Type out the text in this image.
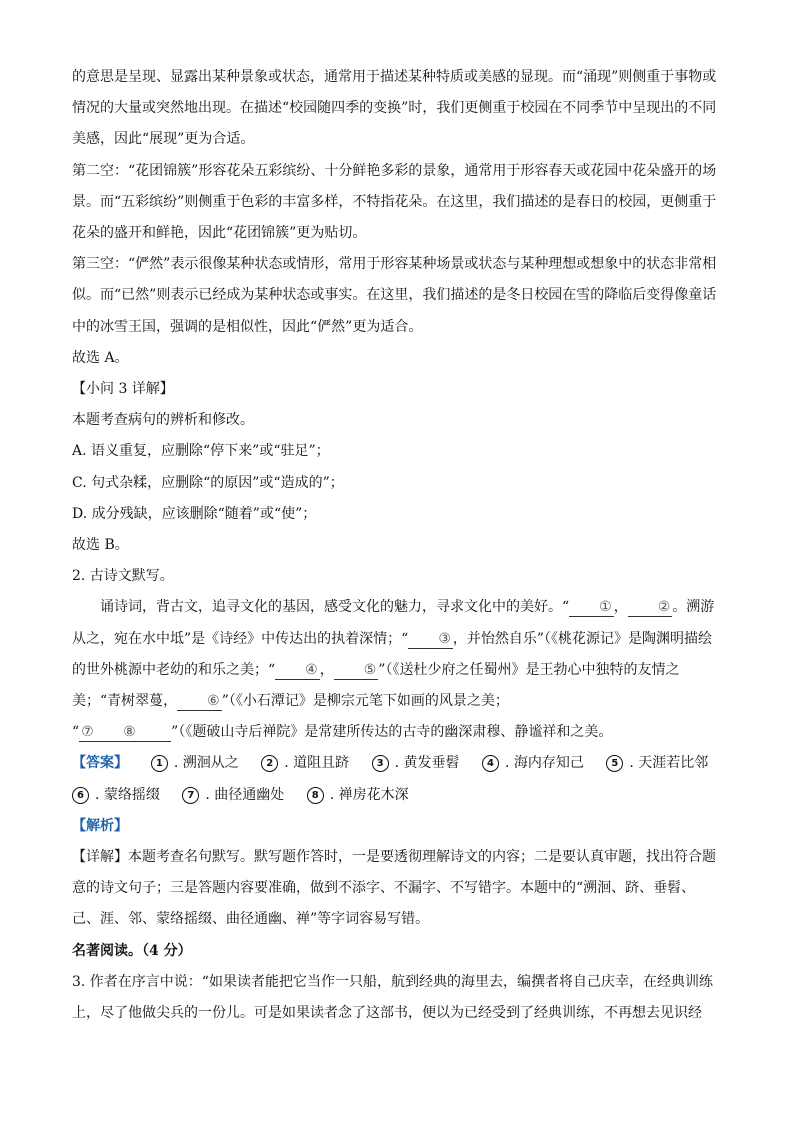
的意思是呈现、显露出某种景象或状态，通常用于描述某种特质或美感的显现。而“涌现”则侧重于事物或情况的大量或突然地出现。在描述“校园随四季的变换”时，我们更侧重于校园在不同季节中呈现出的不同美感，因此“展现”更为合适。

第二空：“花团锦簇”形容花朵五彩缤纷、十分鲜艳多彩的景象，通常用于形容春天或花园中花朵盛开的场景。而“五彩缤纷”则侧重于色彩的丰富多样，不特指花朵。在这里，我们描述的是春日的校园，更侧重于花朵的盛开和鲜艳，因此“花团锦簇”更为贴切。

第三空：“俨然”表示很像某种状态或情形，常用于形容某种场景或状态与某种理想或想象中的状态非常相似。而“已然”则表示已经成为某种状态或事实。在这里，我们描述的是冬日校园在雪的降临后变得像童话中的冰雪王国，强调的是相似性，因此“俨然”更为适合。

故选 A。

【小问 3 详解】

本题考查病句的辨析和修改。

A. 语义重复，应删除“停下来”或“驻足”；

C. 句式杂糅，应删除“的原因”或“造成的”；

D. 成分残缺，应该删除“随着”或“使”；

故选 B。

2. 古诗文默写。

诵诗词，背古文，追寻文化的基因，感受文化的魅力，寻求文化中的美好。“ ① ， ② 。溯游从之，宛在水中坻”是《诗经》中传达出的执着深情；“ ③ ，并怡然自乐”（《桃花源记》是陶渊明描绘的世外桃源中老幼的和乐之美；“ ④ ， ⑤ ”（《送杜少府之任蜀州》是王勃心中独特的友情之美；“青树翠蔓， ⑥ ”（《小石潭记》是柳宗元笔下如画的风景之美；

“ ⑦ ⑧	”（《题破山寺后禅院》是常建所传达的古寺的幽深肃穆、静谧祥和之美。

【答案】	1 . 溯洄从之	2 . 道阻且跻	3 . 黄发垂髫	4 . 海内存知己	5 . 天涯若比邻

6 . 蒙络摇缀	7 . 曲径通幽处	8 . 禅房花木深

【解析】

【详解】本题考查名句默写。默写题作答时，一是要透彻理解诗文的内容；二是要认真审题，找出符合题意的诗文句子；三是答题内容要准确，做到不添字、不漏字、不写错字。本题中的“溯洄、跻、垂髫、己、涯、邻、蒙络摇缀、曲径通幽、禅”等字词容易写错。

名著阅读。（4 分）

3. 作者在序言中说：“如果读者能把它当作一只船，航到经典的海里去，编撰者将自己庆幸，在经典训练上，尽了他做尖兵的一份儿。可是如果读者念了这部书，便以为已经受到了经典训练，不再想去见识经
